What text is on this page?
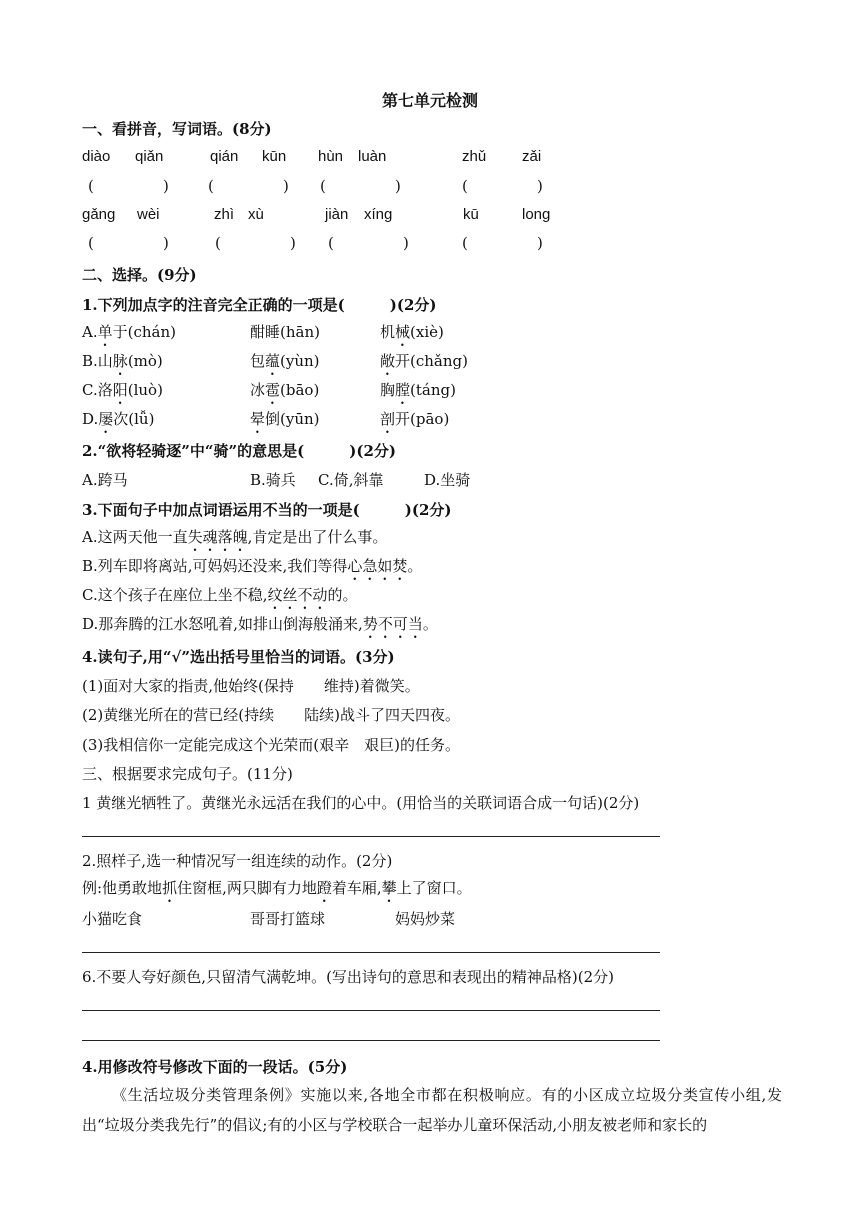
第七单元检测
一、看拼音，写词语。(8分)
diào qiǎn	qián kūn hùn luàn	zhǔ zǎi
(	)	(	) (	)	(	)
gǎng wèi	zhì xù	jiàn xíng	kū	long
(	)	(	) (	)	(	)
二、选择。(9分)
1.下列加点字的注音完全正确的一项是(　　　)(2分)
A.单于(chán)	酣睡(hān)	机械(xiè)
B.山脉(mò)	包蕴(yùn)	敞开(chǎng)
C.洛阳(luò)	冰雹(bāo)	胸膛(táng)
D.屡次(lǚ)	晕倒(yūn)	剖开(pāo)
2.“欲将轻骑逐”中“骑”的意思是(　　　)(2分)
A.跨马	B.骑兵 C.倚,斜靠	D.坐骑
3.下面句子中加点词语运用不当的一项是(　　　)(2分)
A.这两天他一直失魂落魄,肯定是出了什么事。
B.列车即将离站,可妈妈还没来,我们等得心急如焚。
C.这个孩子在座位上坐不稳,纹丝不动的。
D.那奔腾的江水怒吼着,如排山倒海般涌来,势不可当。
4.读句子,用“√”选出括号里恰当的词语。(3分)
(1)面对大家的指责,他始终(保持　　维持)着微笑。
(2)黄继光所在的营已经(持续　　陆续)战斗了四天四夜。
(3)我相信你一定能完成这个光荣而(艰辛　艰巨)的任务。
三、根据要求完成句子。(11分)
1 黄继光牺牲了。黄继光永远活在我们的心中。(用恰当的关联词语合成一句话)(2分)
2.照样子,选一种情况写一组连续的动作。(2分)
例:他勇敢地抓住窗框,两只脚有力地蹬着车厢,攀上了窗口。
小猫吃食	哥哥打篮球	妈妈炒菜
6.不要人夸好颜色,只留清气满乾坤。(写出诗句的意思和表现出的精神品格)(2分)
4.用修改符号修改下面的一段话。(5分)
《生活垃圾分类管理条例》实施以来,各地全市都在积极响应。有的小区成立垃圾分类宣传小组,发出“垃圾分类我先行”的倡议;有的小区与学校联合一起举办儿童环保活动,小朋友被老师和家长的
